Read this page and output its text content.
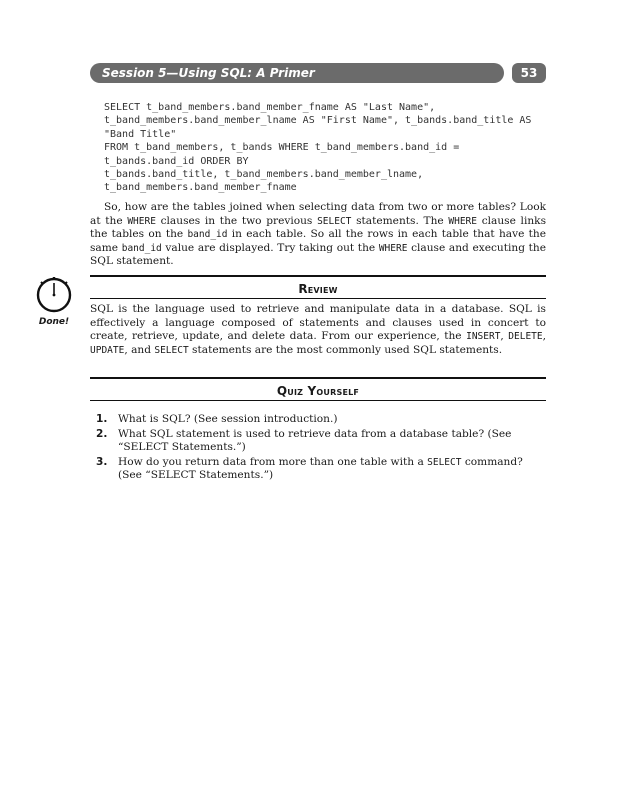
Session 5—Using SQL: A Primer	53
SELECT t_band_members.band_member_fname AS "Last Name",
t_band_members.band_member_lname AS "First Name", t_bands.band_title AS
"Band Title"
FROM t_band_members, t_bands WHERE t_band_members.band_id =
t_bands.band_id ORDER BY
t_bands.band_title, t_band_members.band_member_lname,
t_band_members.band_member_fname

So, how are the tables joined when selecting data from two or more tables? Look at the WHERE clauses in the two previous SELECT statements. The WHERE clause links the tables on the band_id in each table. So all the rows in each table that have the same band_id value are displayed. Try taking out the WHERE clause and executing the SQL statement.

Review
Done!

SQL is the language used to retrieve and manipulate data in a database. SQL is effectively a language composed of statements and clauses used in concert to create, retrieve, update, and delete data. From our experience, the INSERT, DELETE, UPDATE, and SELECT statements are the most commonly used SQL statements.

Quiz Yourself
1. What is SQL? (See session introduction.)
2. What SQL statement is used to retrieve data from a database table? (See “SELECT Statements.”)
3. How do you return data from more than one table with a SELECT command? (See “SELECT Statements.”)
